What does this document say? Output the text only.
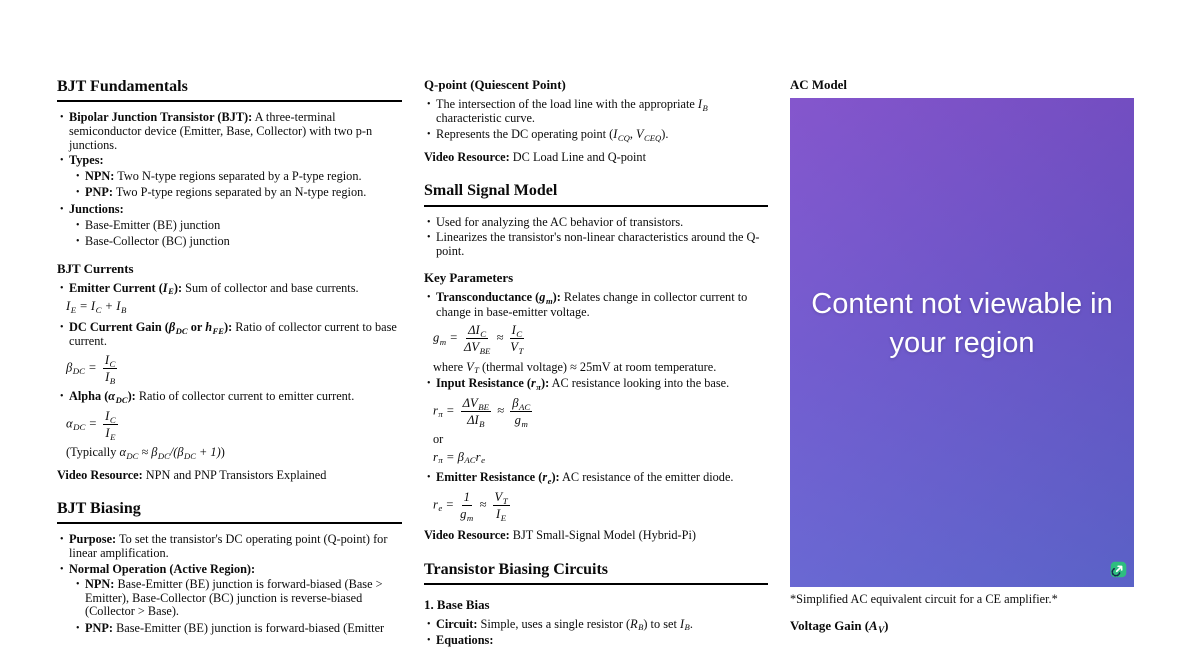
BJT Fundamentals
• Bipolar Junction Transistor (BJT): A three-terminal semiconductor device (Emitter, Base, Collector) with two p-n junctions.
• Types:
• NPN: Two N-type regions separated by a P-type region.
• PNP: Two P-type regions separated by an N-type region.
• Junctions:
• Base-Emitter (BE) junction
• Base-Collector (BC) junction
BJT Currents
• Emitter Current $(I_E)$: Sum of collector and base currents.
$I_E = I_C + I_B$
• DC Current Gain ($\beta_{DC}$ or $h_{FE}$): Ratio of collector current to base current.
$\beta_{DC} = \frac{I_C}{I_B}$
• Alpha $(\alpha_{DC})$: Ratio of collector current to emitter current.
$\alpha_{DC} = \frac{I_C}{I_E}$
(Typically $\alpha_{DC} \approx \beta_{DC}/(\beta_{DC} + 1)$)

Video Resource: NPN and PNP Transistors Explained

BJT Biasing
• Purpose: To set the transistor's DC operating point (Q-point) for linear amplification.
• Normal Operation (Active Region):
• NPN: Base-Emitter (BE) junction is forward-biased (Base > Emitter), Base-Collector (BC) junction is reverse-biased (Collector > Base).
• PNP: Base-Emitter (BE) junction is forward-biased (Emitter
Q-point (Quiescent Point)
• The intersection of the load line with the appropriate $I_B$ characteristic curve.
• Represents the DC operating point ($I_{CQ}$, $V_{CEQ}$).

Video Resource: DC Load Line and Q-point

Small Signal Model
• Used for analyzing the AC behavior of transistors.
• Linearizes the transistor's non-linear characteristics around the Q-point.
Key Parameters
• Transconductance $(g_m)$: Relates change in collector current to change in base-emitter voltage.
$g_m$ =
$\Delta I_C$
$\Delta V_{BE}$
≈ $\frac{I_C}{V_T}$
where $V_T$ (thermal voltage) ≈ 25mV at room temperature.
• Input Resistance $(r_\pi)$: AC resistance looking into the base.
$r_\pi$ =
$\Delta V_{BE}$
$\Delta I_B$
≈
$\beta_{AC}$
$g_m$
or
$r_\pi = \beta_{AC}r_e$
• Emitter Resistance $(r_e)$: AC resistance of the emitter diode.
$r_e = \frac{1}{g_m} \approx \frac{V_T}{I_E}$

Video Resource: BJT Small-Signal Model (Hybrid-Pi)

Transistor Biasing Circuits
1. Base Bias
• Circuit: Simple, uses a single resistor $(R_B)$ to set $I_B$.
• Equations:
AC Model
Content not viewable in your region

*Simplified AC equivalent circuit for a CE amplifier.*

Voltage Gain $(A_V)$
